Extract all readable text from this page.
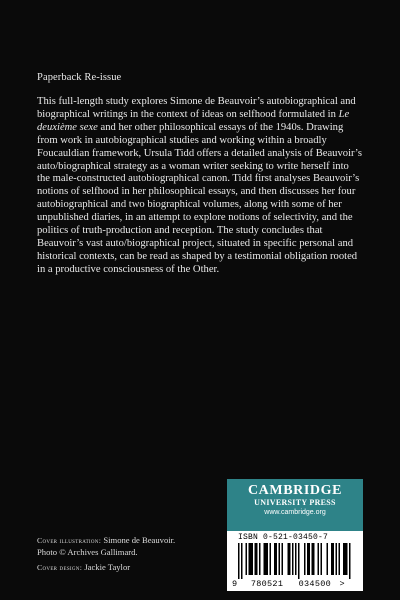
Paperback Re-issue

This full-length study explores Simone de Beauvoir’s autobiographical and biographical writings in the context of ideas on selfhood formulated in Le deuxième sexe and her other philosophical essays of the 1940s. Drawing from work in autobiographical studies and working within a broadly Foucauldian framework, Ursula Tidd offers a detailed analysis of Beauvoir’s auto/biographical strategy as a woman writer seeking to write herself into the male-constructed autobiographical canon. Tidd first analyses Beauvoir’s notions of selfhood in her philosophical essays, and then discusses her four autobiographical and two biographical volumes, along with some of her unpublished diaries, in an attempt to explore notions of selectivity, and the politics of truth-production and reception. The study concludes that Beauvoir’s vast auto/biographical project, situated in specific personal and historical contexts, can be read as shaped by a testimonial obligation rooted in a productive consciousness of the Other.

Cover illustration: Simone de Beauvoir.
Photo © Archives Gallimard.
Cover design: Jackie Taylor
CAMBRIDGE
UNIVERSITY PRESS
www.cambridge.org
ISBN 0-521-03450-7
9 780521 034500 >
